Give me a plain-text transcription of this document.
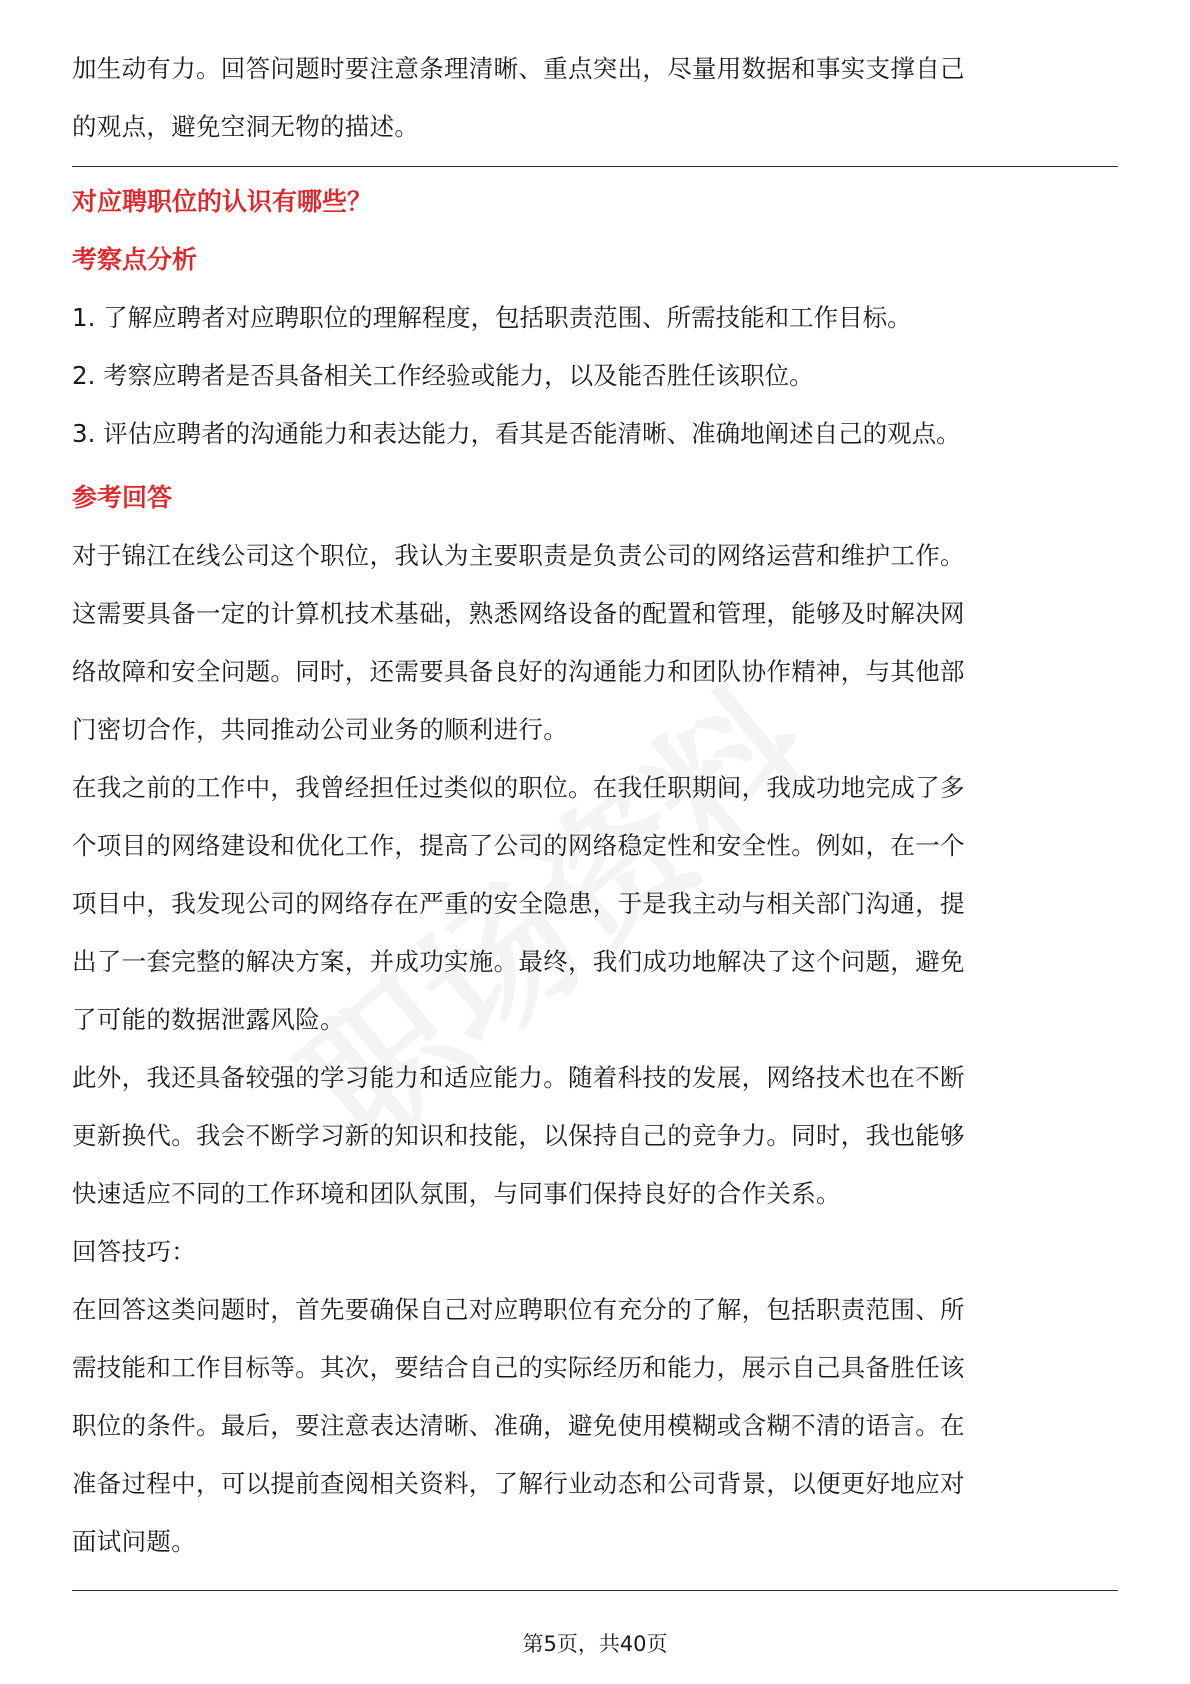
加生动有力。回答问题时要注意条理清晰、重点突出，尽量用数据和事实支撑自己

的观点，避免空洞无物的描述。

对应聘职位的认识有哪些？

考察点分析

1. 了解应聘者对应聘职位的理解程度，包括职责范围、所需技能和工作目标。

2. 考察应聘者是否具备相关工作经验或能力，以及能否胜任该职位。

3. 评估应聘者的沟通能力和表达能力，看其是否能清晰、准确地阐述自己的观点。

参考回答

对于锦江在线公司这个职位，我认为主要职责是负责公司的网络运营和维护工作。

这需要具备一定的计算机技术基础，熟悉网络设备的配置和管理，能够及时解决网

络故障和安全问题。同时，还需要具备良好的沟通能力和团队协作精神，与其他部

门密切合作，共同推动公司业务的顺利进行。

在我之前的工作中，我曾经担任过类似的职位。在我任职期间，我成功地完成了多

个项目的网络建设和优化工作，提高了公司的网络稳定性和安全性。例如，在一个

项目中，我发现公司的网络存在严重的安全隐患，于是我主动与相关部门沟通，提

出了一套完整的解决方案，并成功实施。最终，我们成功地解决了这个问题，避免

了可能的数据泄露风险。

此外，我还具备较强的学习能力和适应能力。随着科技的发展，网络技术也在不断

更新换代。我会不断学习新的知识和技能，以保持自己的竞争力。同时，我也能够

快速适应不同的工作环境和团队氛围，与同事们保持良好的合作关系。

回答技巧：

在回答这类问题时，首先要确保自己对应聘职位有充分的了解，包括职责范围、所

需技能和工作目标等。其次，要结合自己的实际经历和能力，展示自己具备胜任该

职位的条件。最后，要注意表达清晰、准确，避免使用模糊或含糊不清的语言。在

准备过程中，可以提前查阅相关资料，了解行业动态和公司背景，以便更好地应对

面试问题。

第5页，共40页
